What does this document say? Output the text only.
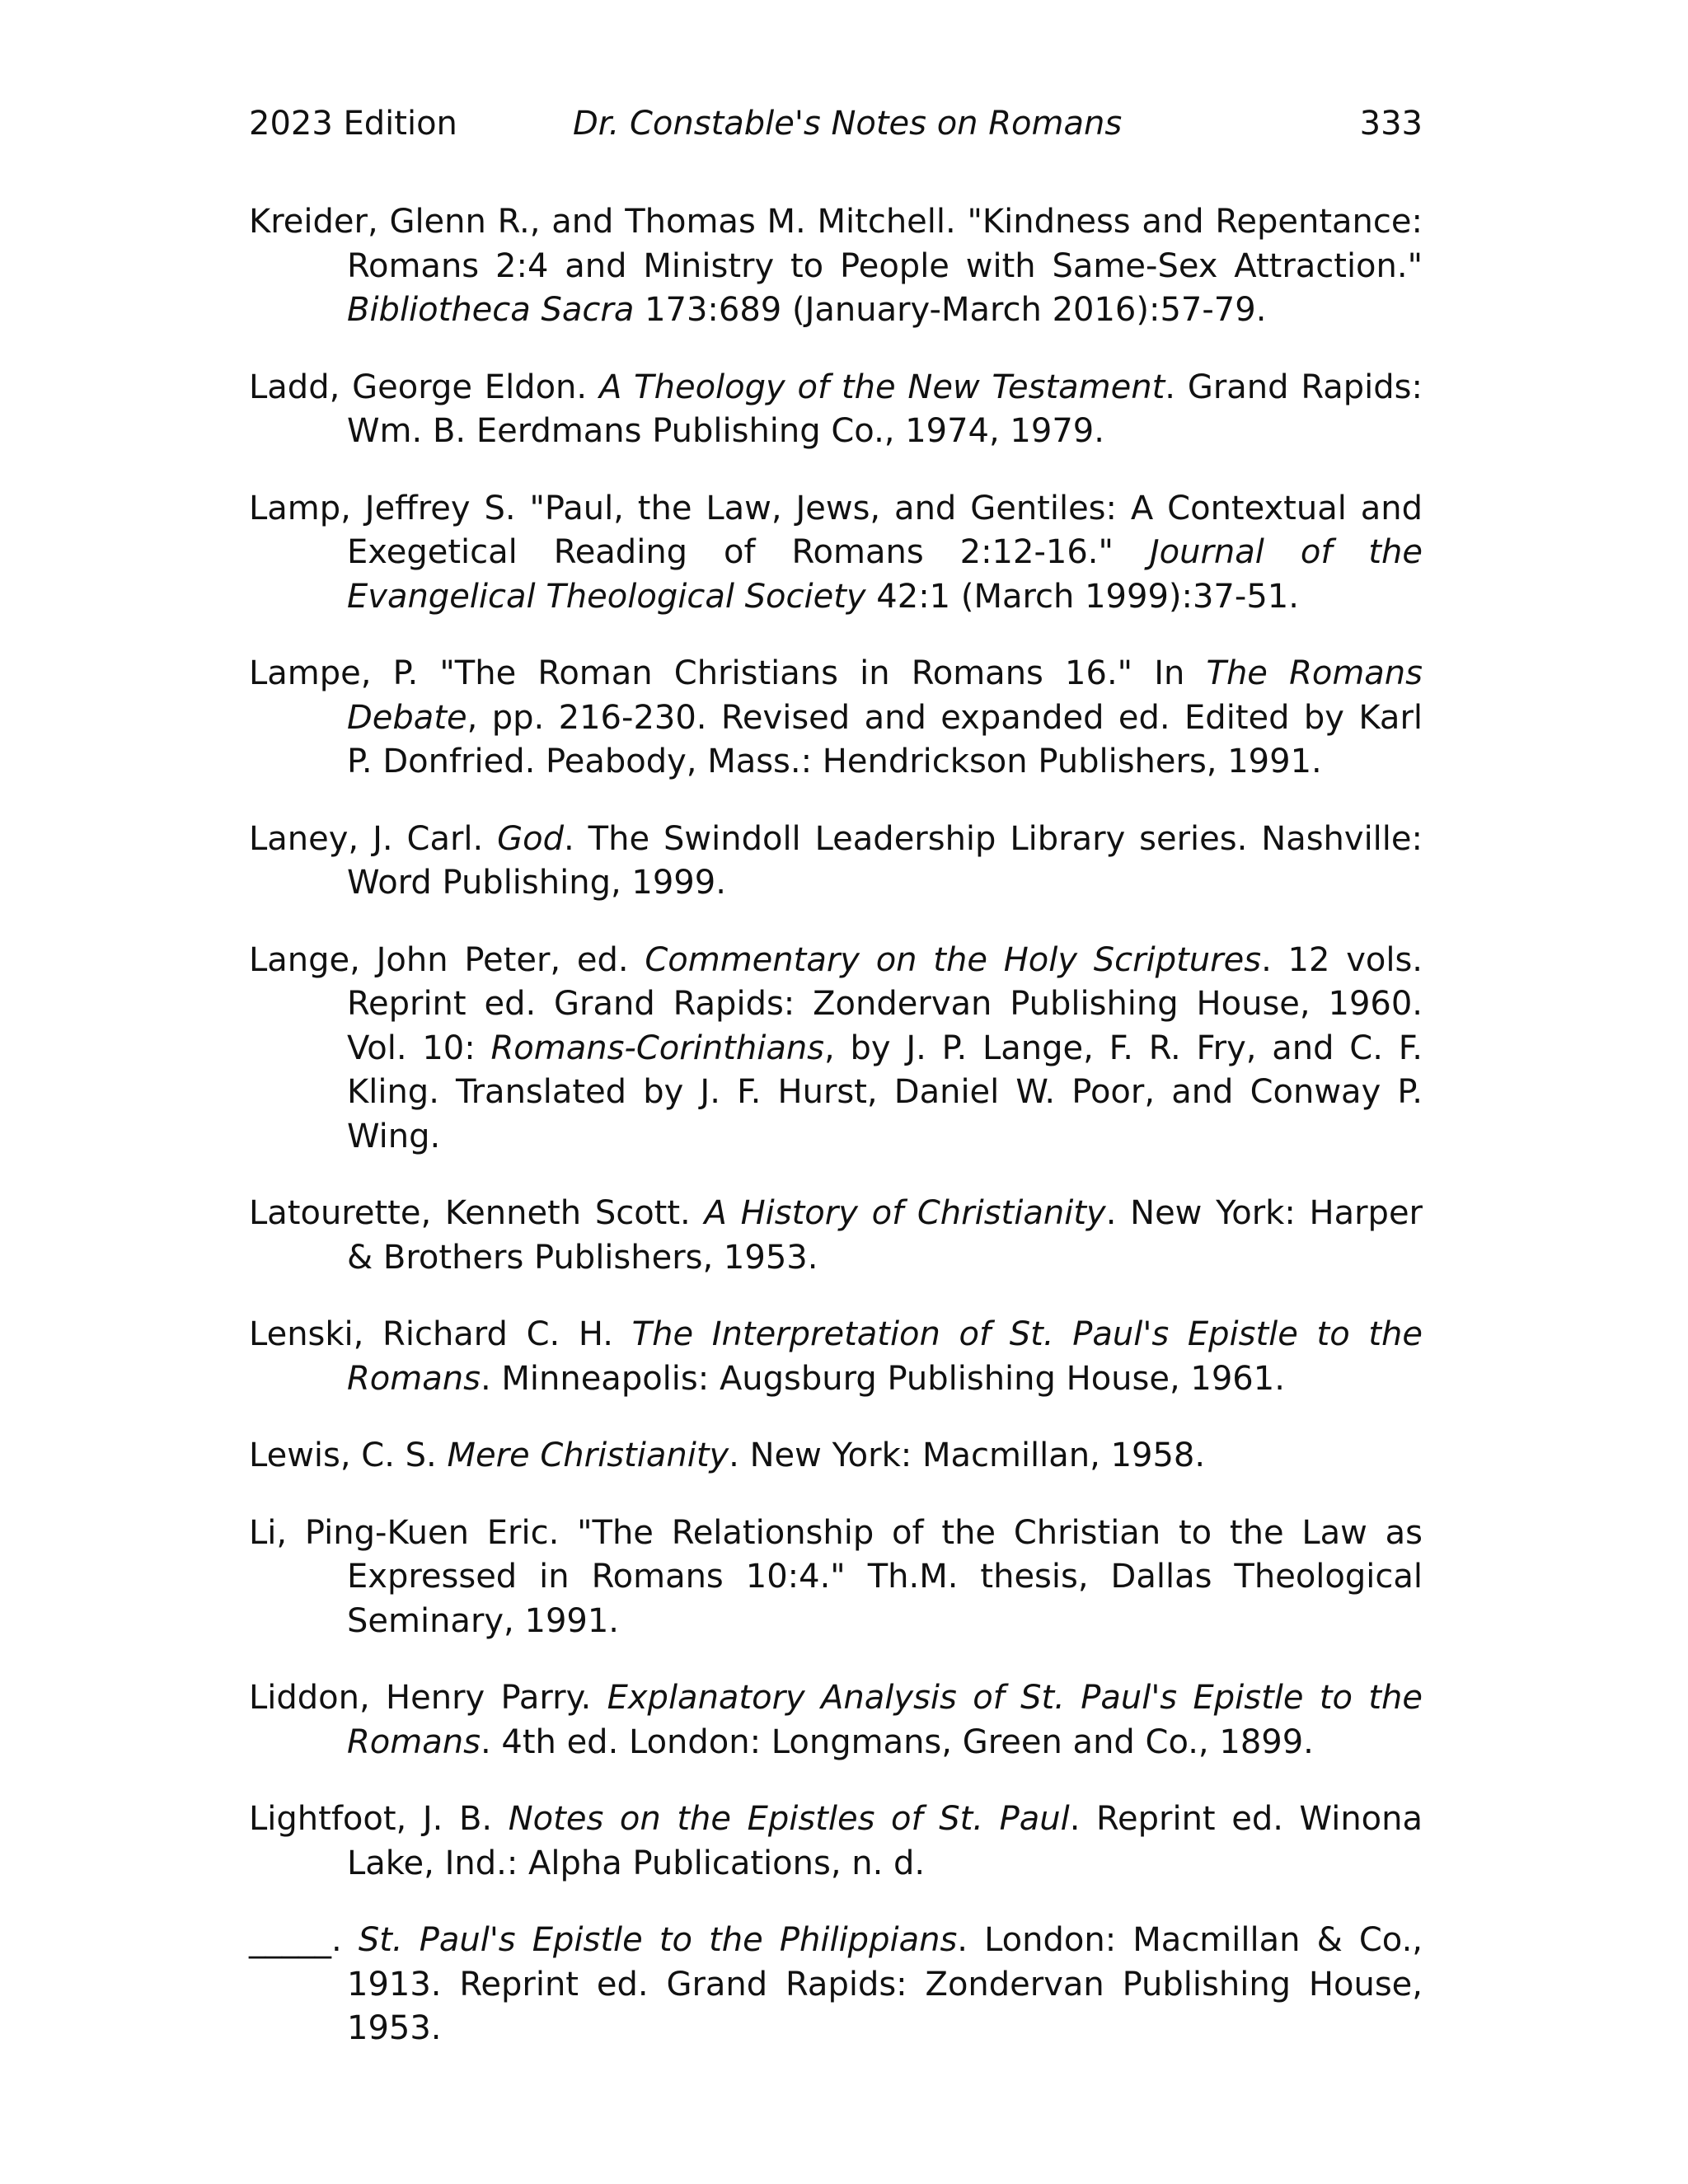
2023 Edition	Dr. Constable's Notes on Romans	333

Kreider, Glenn R., and Thomas M. Mitchell. "Kindness and Repentance: Romans 2:4 and Ministry to People with Same-Sex Attraction." Bibliotheca Sacra 173:689 (January-March 2016):57-79.

Ladd, George Eldon. A Theology of the New Testament. Grand Rapids: Wm. B. Eerdmans Publishing Co., 1974, 1979.

Lamp, Jeffrey S. "Paul, the Law, Jews, and Gentiles: A Contextual and Exegetical Reading of Romans 2:12-16." Journal of the Evangelical Theological Society 42:1 (March 1999):37-51.

Lampe, P. "The Roman Christians in Romans 16." In The Romans Debate, pp. 216-230. Revised and expanded ed. Edited by Karl P. Donfried. Peabody, Mass.: Hendrickson Publishers, 1991.

Laney, J. Carl. God. The Swindoll Leadership Library series. Nashville: Word Publishing, 1999.

Lange, John Peter, ed. Commentary on the Holy Scriptures. 12 vols. Reprint ed. Grand Rapids: Zondervan Publishing House, 1960. Vol. 10: Romans-Corinthians, by J. P. Lange, F. R. Fry, and C. F. Kling. Translated by J. F. Hurst, Daniel W. Poor, and Conway P. Wing.

Latourette, Kenneth Scott. A History of Christianity. New York: Harper & Brothers Publishers, 1953.

Lenski, Richard C. H. The Interpretation of St. Paul's Epistle to the Romans. Minneapolis: Augsburg Publishing House, 1961.

Lewis, C. S. Mere Christianity. New York: Macmillan, 1958.

Li, Ping-Kuen Eric. "The Relationship of the Christian to the Law as Expressed in Romans 10:4." Th.M. thesis, Dallas Theological Seminary, 1991.

Liddon, Henry Parry. Explanatory Analysis of St. Paul's Epistle to the Romans. 4th ed. London: Longmans, Green and Co., 1899.

Lightfoot, J. B. Notes on the Epistles of St. Paul. Reprint ed. Winona Lake, Ind.: Alpha Publications, n. d.

_____. St. Paul's Epistle to the Philippians. London: Macmillan & Co., 1913. Reprint ed. Grand Rapids: Zondervan Publishing House, 1953.
